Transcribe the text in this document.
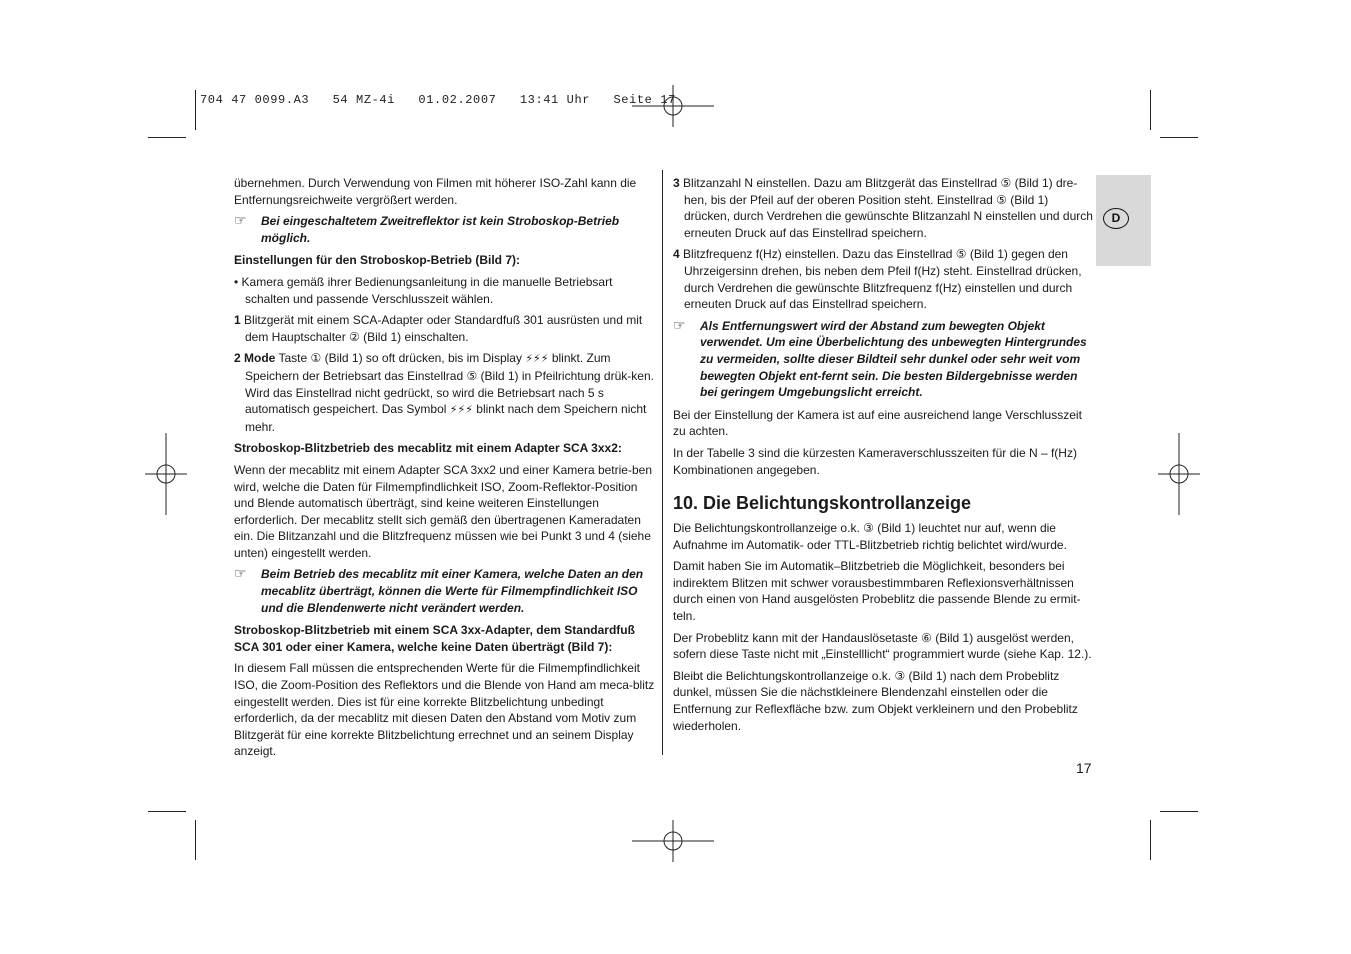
704 47 0099.A3   54 MZ-4i   01.02.2007   13:41 Uhr   Seite 17
D

übernehmen. Durch Verwendung von Filmen mit höherer ISO-Zahl kann die Entfernungsreichweite vergrößert werden.

☞ Bei eingeschaltetem Zweitreflektor ist kein Stroboskop-Betrieb möglich.

Einstellungen für den Stroboskop-Betrieb (Bild 7):

• Kamera gemäß ihrer Bedienungsanleitung in die manuelle Betriebsart schalten und passende Verschlusszeit wählen.

1 Blitzgerät mit einem SCA-Adapter oder Standardfuß 301 ausrüsten und mit dem Hauptschalter ② (Bild 1) einschalten.

2 Mode Taste ① (Bild 1) so oft drücken, bis im Display ⚡⚡⚡ blinkt. Zum Speichern der Betriebsart das Einstellrad ⑤ (Bild 1) in Pfeilrichtung drük-ken. Wird das Einstellrad nicht gedrückt, so wird die Betriebsart nach 5 s automatisch gespeichert. Das Symbol ⚡⚡⚡ blinkt nach dem Speichern nicht mehr.

Stroboskop-Blitzbetrieb des mecablitz mit einem Adapter SCA 3xx2:

Wenn der mecablitz mit einem Adapter SCA 3xx2 und einer Kamera betrie-ben wird, welche die Daten für Filmempfindlichkeit ISO, Zoom-Reflektor-Position und Blende automatisch überträgt, sind keine weiteren Einstellungen erforderlich. Der mecablitz stellt sich gemäß den übertragenen Kameradaten ein. Die Blitzanzahl und die Blitzfrequenz müssen wie bei Punkt 3 und 4 (siehe unten) eingestellt werden.

☞ Beim Betrieb des mecablitz mit einer Kamera, welche Daten an den mecablitz überträgt, können die Werte für Filmempfindlichkeit ISO und die Blendenwerte nicht verändert werden.

Stroboskop-Blitzbetrieb mit einem SCA 3xx-Adapter, dem Standardfuß SCA 301 oder einer Kamera, welche keine Daten überträgt (Bild 7):

In diesem Fall müssen die entsprechenden Werte für die Filmempfindlichkeit ISO, die Zoom-Position des Reflektors und die Blende von Hand am meca-blitz eingestellt werden. Dies ist für eine korrekte Blitzbelichtung unbedingt erforderlich, da der mecablitz mit diesen Daten den Abstand vom Motiv zum Blitzgerät für eine korrekte Blitzbelichtung errechnet und an seinem Display anzeigt.

3 Blitzanzahl N einstellen. Dazu am Blitzgerät das Einstellrad ⑤ (Bild 1) dre-hen, bis der Pfeil auf der oberen Position steht. Einstellrad ⑤ (Bild 1) drücken, durch Verdrehen die gewünschte Blitzanzahl N einstellen und durch erneuten Druck auf das Einstellrad speichern.

4 Blitzfrequenz f(Hz) einstellen. Dazu das Einstellrad ⑤ (Bild 1) gegen den Uhrzeigersinn drehen, bis neben dem Pfeil f(Hz) steht. Einstellrad drücken, durch Verdrehen die gewünschte Blitzfrequenz f(Hz) einstellen und durch erneuten Druck auf das Einstellrad speichern.

☞ Als Entfernungswert wird der Abstand zum bewegten Objekt verwendet. Um eine Überbelichtung des unbewegten Hintergrundes zu vermeiden, sollte dieser Bildteil sehr dunkel oder sehr weit vom bewegten Objekt ent-fernt sein. Die besten Bildergebnisse werden bei geringem Umgebungslicht erreicht.

Bei der Einstellung der Kamera ist auf eine ausreichend lange Verschlusszeit zu achten.

In der Tabelle 3 sind die kürzesten Kameraverschlusszeiten für die N – f(Hz) Kombinationen angegeben.

10. Die Belichtungskontrollanzeige

Die Belichtungskontrollanzeige o.k. ③ (Bild 1) leuchtet nur auf, wenn die Aufnahme im Automatik- oder TTL-Blitzbetrieb richtig belichtet wird/wurde.

Damit haben Sie im Automatik–Blitzbetrieb die Möglichkeit, besonders bei indirektem Blitzen mit schwer vorausbestimmbaren Reflexionsverhältnissen durch einen von Hand ausgelösten Probeblitz die passende Blende zu ermit-teln.

Der Probeblitz kann mit der Handauslösetaste ⑥ (Bild 1) ausgelöst werden, sofern diese Taste nicht mit „Einstelllicht“ programmiert wurde (siehe Kap. 12.).

Bleibt die Belichtungskontrollanzeige o.k. ③ (Bild 1) nach dem Probeblitz dunkel, müssen Sie die nächstkleinere Blendenzahl einstellen oder die Entfernung zur Reflexfläche bzw. zum Objekt verkleinern und den Probeblitz wiederholen.

17
